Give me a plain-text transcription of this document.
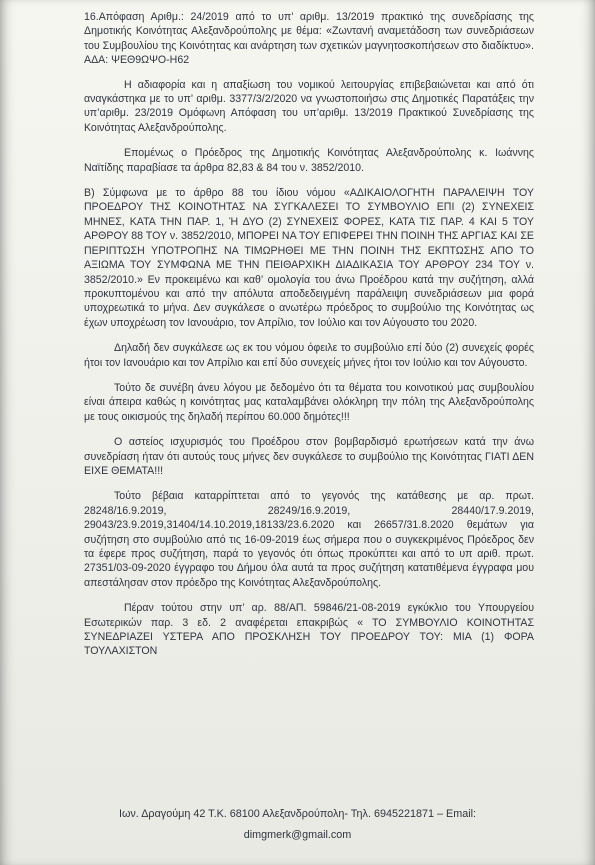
16.Απόφαση Αριθμ.: 24/2019 από το υπ’ αριθμ. 13/2019 πρακτικό της συνεδρίασης της Δημοτικής Κοινότητας Αλεξανδρούπολης με θέμα: «Ζωντανή αναμετάδοση των συνεδριάσεων του Συμβουλίου της Κοινότητας και ανάρτηση των σχετικών μαγνητοσκοπήσεων στο διαδίκτυο». ΑΔΑ: ΨΕΘ9ΩΨΟ-Η62

Η αδιαφορία και η απαξίωση του νομικού λειτουργίας επιβεβαιώνεται και από ότι αναγκάστηκα με το υπ’ αριθμ. 3377/3/2/2020 να γνωστοποιήσω στις Δημοτικές Παρατάξεις την υπ’αριθμ. 23/2019 Ομόφωνη Απόφαση του υπ’αριθμ. 13/2019 Πρακτικού Συνεδρίασης της Κοινότητας Αλεξανδρούπολης.

Επομένως ο Πρόεδρος της Δημοτικής Κοινότητας Αλεξανδρούπολης κ. Ιωάννης Ναϊτίδης παραβίασε τα άρθρα 82,83 & 84 του ν. 3852/2010.

Β) Σύμφωνα με το άρθρο 88 του ίδιου νόμου «ΑΔΙΚΑΙΟΛΟΓΗΤΗ ΠΑΡΑΛΕΙΨΗ ΤΟΥ ΠΡΟΕΔΡΟΥ ΤΗΣ ΚΟΙΝΟΤΗΤΑΣ ΝΑ ΣΥΓΚΑΛΕΣΕΙ ΤΟ ΣΥΜΒΟΥΛΙΟ ΕΠΙ (2) ΣΥΝΕΧΕΙΣ ΜΗΝΕΣ, ΚΑΤΑ ΤΗΝ ΠΑΡ. 1, Ή ΔΥΟ (2) ΣΥΝΕΧΕΙΣ ΦΟΡΕΣ, ΚΑΤΑ ΤΙΣ ΠΑΡ. 4 ΚΑΙ 5 ΤΟΥ ΑΡΘΡΟΥ 88 ΤΟΥ ν. 3852/2010, ΜΠΟΡΕΙ ΝΑ ΤΟΥ ΕΠΙΦΕΡΕΙ ΤΗΝ ΠΟΙΝΗ ΤΗΣ ΑΡΓΙΑΣ ΚΑΙ ΣΕ ΠΕΡΙΠΤΩΣΗ ΥΠΟΤΡΟΠΗΣ ΝΑ ΤΙΜΩΡΗΘΕΙ ΜΕ ΤΗΝ ΠΟΙΝΗ ΤΗΣ ΕΚΠΤΩΣΗΣ ΑΠΟ ΤΟ ΑΞΙΩΜΑ ΤΟΥ ΣΥΜΦΩΝΑ ΜΕ ΤΗΝ ΠΕΙΘΑΡΧΙΚΗ ΔΙΑΔΙΚΑΣΙΑ ΤΟΥ ΑΡΘΡΟΥ 234 ΤΟΥ ν. 3852/2010.» Εν προκειμένω και καθ’ ομολογία του άνω Προέδρου κατά την συζήτηση, αλλά προκυπτομένου και από την απόλυτα αποδεδειγμένη παράλειψη συνεδριάσεων μια φορά υποχρεωτικά το μήνα. Δεν συγκάλεσε ο ανωτέρω πρόεδρος το συμβούλιο της Κοινότητας ως έχων υποχρέωση τον Ιανουάριο, τον Απρίλιο, τον Ιούλιο και τον Αύγουστο του 2020.

Δηλαδή δεν συγκάλεσε ως εκ του νόμου όφειλε το συμβούλιο επί δύο (2) συνεχείς φορές ήτοι τον Ιανουάριο και τον Απρίλιο και επί δύο συνεχείς μήνες ήτοι τον Ιούλιο και τον Αύγουστο.

Τούτο δε συνέβη άνευ λόγου με δεδομένο ότι τα θέματα του κοινοτικού μας συμβουλίου είναι άπειρα καθώς η κοινότητας μας καταλαμβάνει ολόκληρη την πόλη της Αλεξανδρούπολης με τους οικισμούς της δηλαδή περίπου 60.000 δημότες!!!

Ο αστείος ισχυρισμός του Προέδρου στον βομβαρδισμό ερωτήσεων κατά την άνω συνεδρίαση ήταν ότι αυτούς τους μήνες δεν συγκάλεσε το συμβούλιο της Κοινότητας ΓΙΑΤΙ ΔΕΝ ΕΙΧΕ ΘΕΜΑΤΑ!!!

Τούτο βέβαια καταρρίπτεται από το γεγονός της κατάθεσης με αρ. πρωτ. 28248/16.9.2019, 28249/16.9.2019, 28440/17.9.2019, 29043/23.9.2019,31404/14.10.2019,18133/23.6.2020 και 26657/31.8.2020 θεμάτων για συζήτηση στο συμβούλιο από τις 16-09-2019 έως σήμερα που ο συγκεκριμένος Πρόεδρος δεν τα έφερε προς συζήτηση, παρά το γεγονός ότι όπως προκύπτει και από το υπ αριθ. πρωτ. 27351/03-09-2020 έγγραφο του Δήμου όλα αυτά τα προς συζήτηση κατατιθέμενα έγγραφα μου απεστάλησαν στον πρόεδρο της Κοινότητας Αλεξανδρούπολης.

Πέραν τούτου στην υπ’ αρ. 88/ΑΠ. 59846/21-08-2019 εγκύκλιο του Υπουργείου Εσωτερικών παρ. 3 εδ. 2 αναφέρεται επακριβώς « ΤΟ ΣΥΜΒΟΥΛΙΟ ΚΟΙΝΟΤΗΤΑΣ ΣΥΝΕΔΡΙΑΖΕΙ ΥΣΤΕΡΑ ΑΠΟ ΠΡΟΣΚΛΗΣΗ ΤΟΥ ΠΡΟΕΔΡΟΥ ΤΟΥ: ΜΙΑ (1) ΦΟΡΑ ΤΟΥΛΑΧΙΣΤΟΝ

Ιων. Δραγούμη 42 Τ.Κ. 68100 Αλεξανδρούπολη- Τηλ. 6945221871 – Email:
dimgmerk@gmail.com
